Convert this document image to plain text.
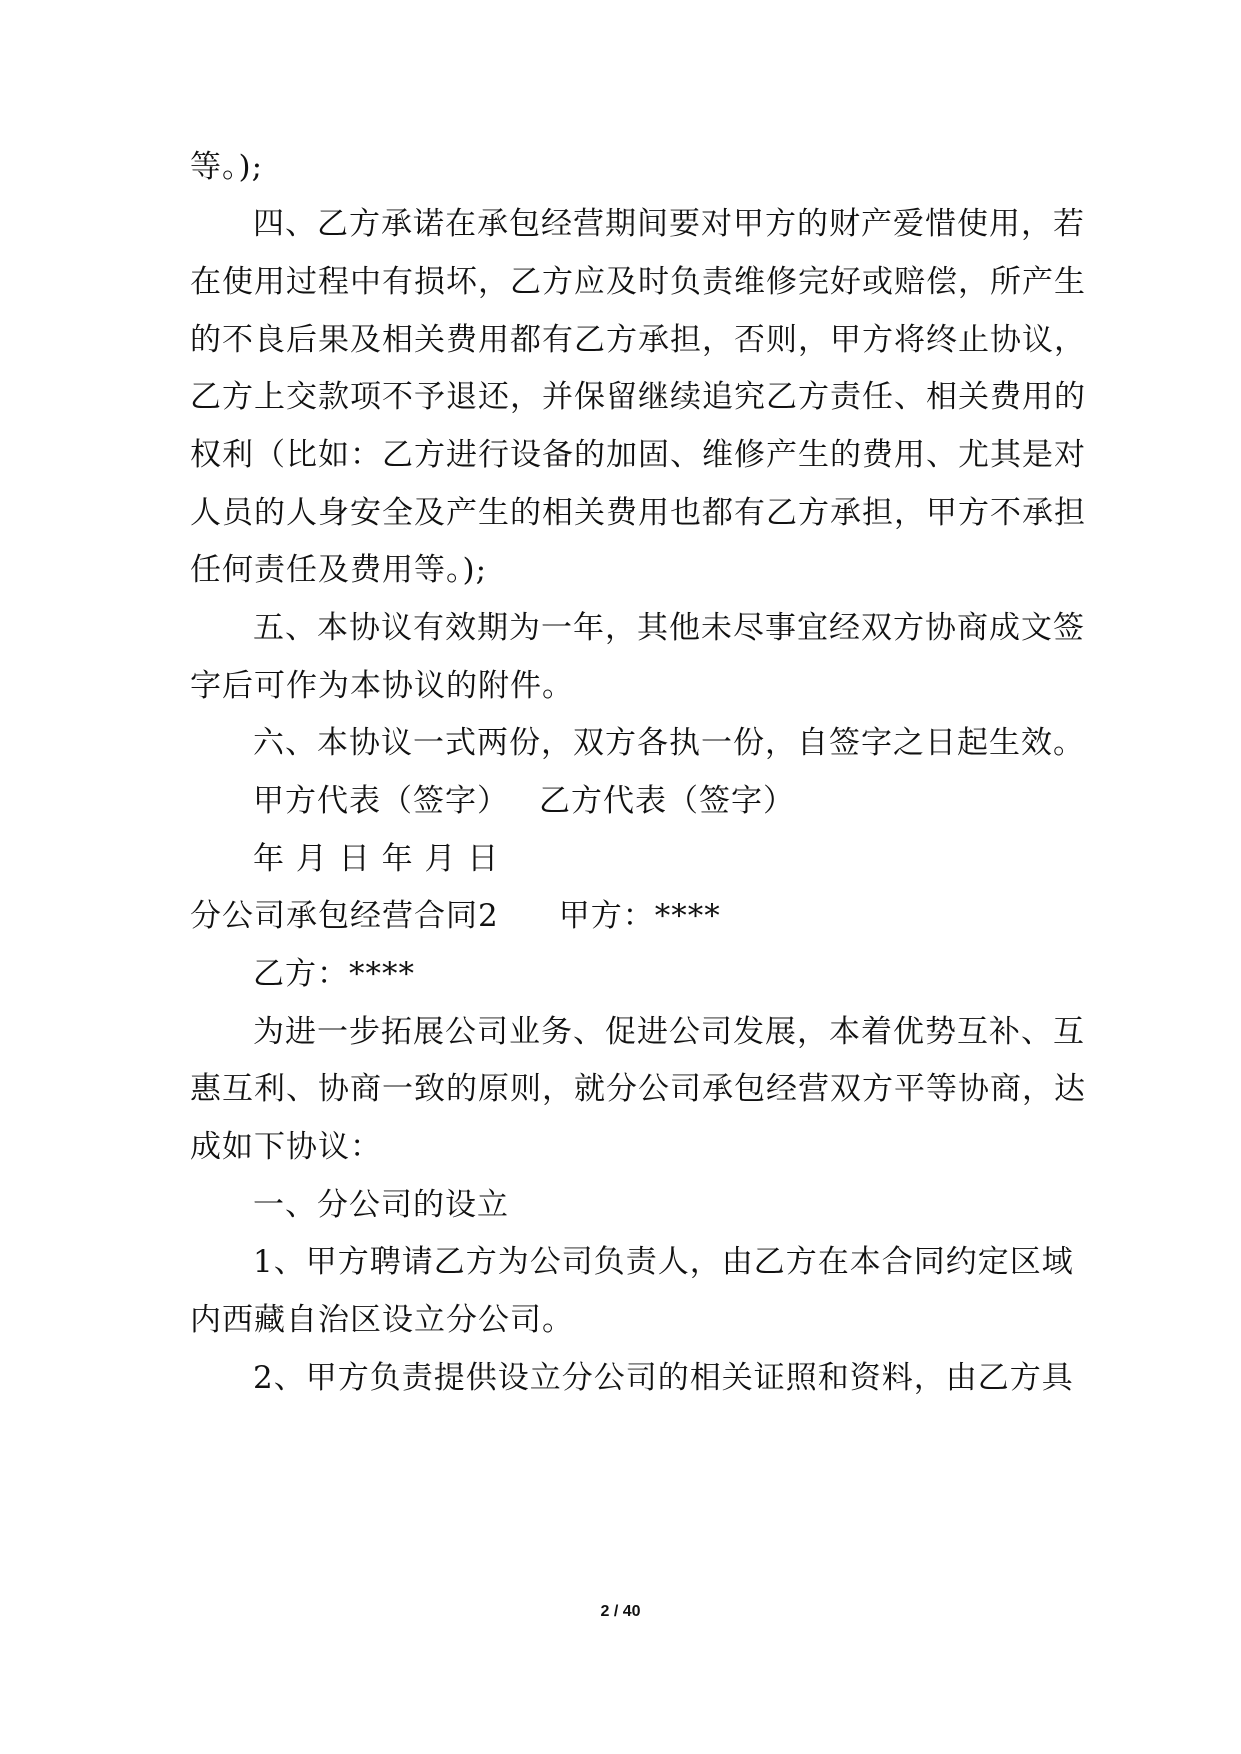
等。);
四、乙方承诺在承包经营期间要对甲方的财产爱惜使用，若
在使用过程中有损坏，乙方应及时负责维修完好或赔偿，所产生
的不良后果及相关费用都有乙方承担，否则，甲方将终止协议，
乙方上交款项不予退还，并保留继续追究乙方责任、相关费用的
权利（比如：乙方进行设备的加固、维修产生的费用、尤其是对
人员的人身安全及产生的相关费用也都有乙方承担，甲方不承担
任何责任及费用等。);
五、本协议有效期为一年，其他未尽事宜经双方协商成文签
字后可作为本协议的附件。
六、本协议一式两份，双方各执一份，自签字之日起生效。
甲方代表（签字） 乙方代表（签字）
年 月 日 年 月 日
分公司承包经营合同2 甲方：****
乙方：****
为进一步拓展公司业务、促进公司发展，本着优势互补、互
惠互利、协商一致的原则，就分公司承包经营双方平等协商，达
成如下协议：
一、分公司的设立
1、甲方聘请乙方为公司负责人，由乙方在本合同约定区域
内西藏自治区设立分公司。
2、甲方负责提供设立分公司的相关证照和资料，由乙方具
2 / 40
